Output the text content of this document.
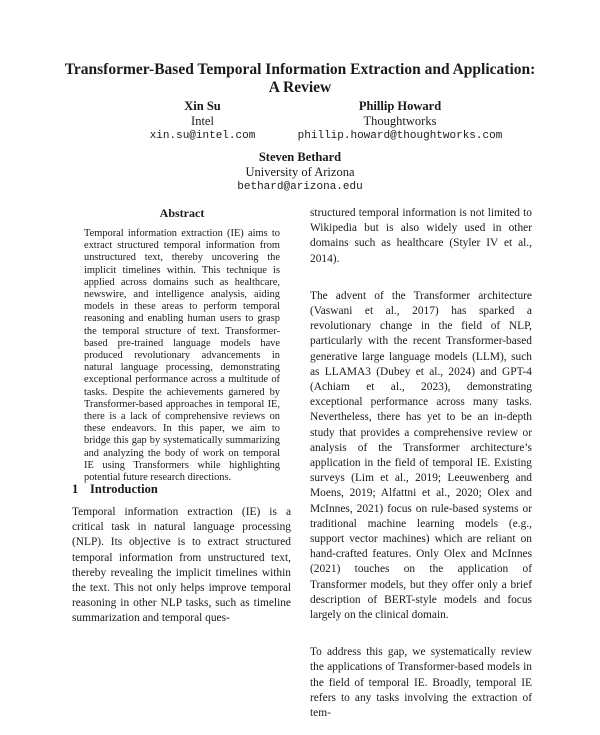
Transformer-Based Temporal Information Extraction and Application: A Review
Xin Su
Intel
xin.su@intel.com
Phillip Howard
Thoughtworks
phillip.howard@thoughtworks.com
Steven Bethard
University of Arizona
bethard@arizona.edu
Abstract

Temporal information extraction (IE) aims to extract structured temporal information from unstructured text, thereby uncovering the implicit timelines within. This technique is applied across domains such as healthcare, newswire, and intelligence analysis, aiding models in these areas to perform temporal reasoning and enabling human users to grasp the temporal structure of text. Transformer-based pre-trained language models have produced revolutionary advancements in natural language processing, demonstrating exceptional performance across a multitude of tasks. Despite the achievements garnered by Transformer-based approaches in temporal IE, there is a lack of comprehensive reviews on these endeavors. In this paper, we aim to bridge this gap by systematically summarizing and analyzing the body of work on temporal IE using Transformers while highlighting potential future research directions.

1 Introduction

Temporal information extraction (IE) is a critical task in natural language processing (NLP). Its objective is to extract structured temporal information from unstructured text, thereby revealing the implicit timelines within the text. This not only helps improve temporal reasoning in other NLP tasks, such as timeline summarization and temporal ques-

structured temporal information is not limited to Wikipedia but is also widely used in other domains such as healthcare (Styler IV et al., 2014).

The advent of the Transformer architecture (Vaswani et al., 2017) has sparked a revolutionary change in the field of NLP, particularly with the recent Transformer-based generative large language models (LLM), such as LLAMA3 (Dubey et al., 2024) and GPT-4 (Achiam et al., 2023), demonstrating exceptional performance across many tasks. Nevertheless, there has yet to be an in-depth study that provides a comprehensive review or analysis of the Transformer architecture’s application in the field of temporal IE. Existing surveys (Lim et al., 2019; Leeuwenberg and Moens, 2019; Alfattni et al., 2020; Olex and McInnes, 2021) focus on rule-based systems or traditional machine learning models (e.g., support vector machines) which are reliant on hand-crafted features. Only Olex and McInnes (2021) touches on the application of Transformer models, but they offer only a brief description of BERT-style models and focus largely on the clinical domain.

To address this gap, we systematically review the applications of Transformer-based models in the field of temporal IE. Broadly, temporal IE refers to any tasks involving the extraction of tem-
